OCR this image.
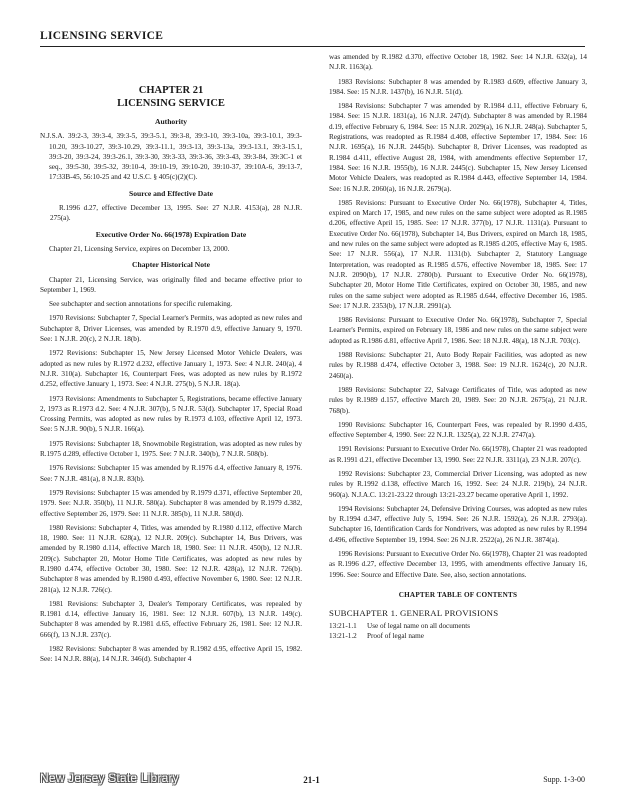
LICENSING SERVICE
CHAPTER 21
LICENSING SERVICE
Authority

N.J.S.A. 39:2-3, 39:3-4, 39:3-5, 39:3-5.1, 39:3-8, 39:3-10, 39:3-10a, 39:3-10.1, 39:3-10.20, 39:3-10.27, 39:3-10.29, 39:3-11.1, 39:3-13, 39:3-13a, 39:3-13.1, 39:3-15.1, 39:3-20, 39:3-24, 39:3-26.1, 39:3-30, 39:3-33, 39:3-36, 39:3-43, 39:3-84, 39:3C-1 et seq., 39:5-30, 39:5-32, 39:10-4, 39:10-19, 39:10-20, 39:10-37, 39:10A-6, 39:13-7, 17:33B-45, 56:10-25 and 42 U.S.C. § 405(c)(2)(C).

Source and Effective Date

R.1996 d.27, effective December 13, 1995. See: 27 N.J.R. 4153(a), 28 N.J.R. 275(a).

Executive Order No. 66(1978) Expiration Date

Chapter 21, Licensing Service, expires on December 13, 2000.

Chapter Historical Note

Chapter 21, Licensing Service, was originally filed and became effective prior to September 1, 1969.

See subchapter and section annotations for specific rulemaking.

1970 Revisions: Subchapter 7, Special Learner's Permits, was adopted as new rules and Subchapter 8, Driver Licenses, was amended by R.1970 d.9, effective January 9, 1970. See: 1 N.J.R. 20(c), 2 N.J.R. 18(b).

1972 Revisions: Subchapter 15, New Jersey Licensed Motor Vehicle Dealers, was adopted as new rules by R.1972 d.232, effective January 1, 1973. See: 4 N.J.R. 240(a), 4 N.J.R. 310(a). Subchapter 16, Counterpart Fees, was adopted as new rules by R.1972 d.252, effective January 1, 1973. See: 4 N.J.R. 275(b), 5 N.J.R. 18(a).

1973 Revisions: Amendments to Subchapter 5, Registrations, became effective January 2, 1973 as R.1973 d.2. See: 4 N.J.R. 307(b), 5 N.J.R. 53(d). Subchapter 17, Special Road Crossing Permits, was adopted as new rules by R.1973 d.103, effective April 12, 1973. See: 5 N.J.R. 90(b), 5 N.J.R. 166(a).

1975 Revisions: Subchapter 18, Snowmobile Registration, was adopted as new rules by R.1975 d.289, effective October 1, 1975. See: 7 N.J.R. 340(b), 7 N.J.R. 508(b).

1976 Revisions: Subchapter 15 was amended by R.1976 d.4, effective January 8, 1976. See: 7 N.J.R. 481(a), 8 N.J.R. 83(b).

1979 Revisions: Subchapter 15 was amended by R.1979 d.371, effective September 20, 1979. See: N.J.R. 350(b), 11 N.J.R. 580(a). Subchapter 8 was amended by R.1979 d.382, effective September 26, 1979. See: 11 N.J.R. 385(b), 11 N.J.R. 580(d).

1980 Revisions: Subchapter 4, Titles, was amended by R.1980 d.112, effective March 18, 1980. See: 11 N.J.R. 628(a), 12 N.J.R. 209(c). Subchapter 14, Bus Drivers, was amended by R.1980 d.114, effective March 18, 1980. See: 11 N.J.R. 450(b), 12 N.J.R. 209(c). Subchapter 20, Motor Home Title Certificates, was adopted as new rules by R.1980 d.474, effective October 30, 1980. See: 12 N.J.R. 428(a), 12 N.J.R. 726(b). Subchapter 8 was amended by R.1980 d.493, effective November 6, 1980. See: 12 N.J.R. 281(a), 12 N.J.R. 726(c).

1981 Revisions: Subchapter 3, Dealer's Temporary Certificates, was repealed by R.1981 d.14, effective January 16, 1981. See: 12 N.J.R. 607(b), 13 N.J.R. 149(c). Subchapter 8 was amended by R.1981 d.65, effective February 26, 1981. See: 12 N.J.R. 666(f), 13 N.J.R. 237(c).

1982 Revisions: Subchapter 8 was amended by R.1982 d.95, effective April 15, 1982. See: 14 N.J.R. 88(a), 14 N.J.R. 346(d). Subchapter 4

was amended by R.1982 d.370, effective October 18, 1982. See: 14 N.J.R. 632(a), 14 N.J.R. 1163(a).

1983 Revisions: Subchapter 8 was amended by R.1983 d.609, effective January 3, 1984. See: 15 N.J.R. 1437(b), 16 N.J.R. 51(d).

1984 Revisions: Subchapter 7 was amended by R.1984 d.11, effective February 6, 1984. See: 15 N.J.R. 1831(a), 16 N.J.R. 247(d). Subchapter 8 was amended by R.1984 d.19, effective February 6, 1984. See: 15 N.J.R. 2029(a), 16 N.J.R. 248(a). Subchapter 5, Registrations, was readopted as R.1984 d.408, effective September 17, 1984. See: 16 N.J.R. 1695(a), 16 N.J.R. 2445(b). Subchapter 8, Driver Licenses, was readopted as R.1984 d.411, effective August 28, 1984, with amendments effective September 17, 1984. See: 16 N.J.R. 1955(b), 16 N.J.R. 2445(c). Subchapter 15, New Jersey Licensed Motor Vehicle Dealers, was readopted as R.1984 d.443, effective September 14, 1984. See: 16 N.J.R. 2060(a), 16 N.J.R. 2679(a).

1985 Revisions: Pursuant to Executive Order No. 66(1978), Subchapter 4, Titles, expired on March 17, 1985, and new rules on the same subject were adopted as R.1985 d.206, effective April 15, 1985. See: 17 N.J.R. 377(b), 17 N.J.R. 1131(a). Pursuant to Executive Order No. 66(1978), Subchapter 14, Bus Drivers, expired on March 18, 1985, and new rules on the same subject were adopted as R.1985 d.205, effective May 6, 1985. See: 17 N.J.R. 556(a), 17 N.J.R. 1131(b). Subchapter 2, Statutory Language Interpretation, was readopted as R.1985 d.576, effective November 18, 1985. See: 17 N.J.R. 2090(b), 17 N.J.R. 2780(b). Pursuant to Executive Order No. 66(1978), Subchapter 20, Motor Home Title Certificates, expired on October 30, 1985, and new rules on the same subject were adopted as R.1985 d.644, effective December 16, 1985. See: 17 N.J.R. 2353(b), 17 N.J.R. 2991(a).

1986 Revisions: Pursuant to Executive Order No. 66(1978), Subchapter 7, Special Learner's Permits, expired on February 18, 1986 and new rules on the same subject were adopted as R.1986 d.81, effective April 7, 1986. See: 18 N.J.R. 48(a), 18 N.J.R. 703(c).

1988 Revisions: Subchapter 21, Auto Body Repair Facilities, was adopted as new rules by R.1988 d.474, effective October 3, 1988. See: 19 N.J.R. 1624(c), 20 N.J.R. 2460(a).

1989 Revisions: Subchapter 22, Salvage Certificates of Title, was adopted as new rules by R.1989 d.157, effective March 20, 1989. See: 20 N.J.R. 2675(a), 21 N.J.R. 768(b).

1990 Revisions: Subchapter 16, Counterpart Fees, was repealed by R.1990 d.435, effective September 4, 1990. See: 22 N.J.R. 1325(a), 22 N.J.R. 2747(a).

1991 Revisions: Pursuant to Executive Order No. 66(1978), Chapter 21 was readopted as R.1991 d.21, effective December 13, 1990. See: 22 N.J.R. 3311(a), 23 N.J.R. 207(c).

1992 Revisions: Subchapter 23, Commercial Driver Licensing, was adopted as new rules by R.1992 d.138, effective March 16, 1992. See: 24 N.J.R. 219(b), 24 N.J.R. 960(a). N.J.A.C. 13:21-23.22 through 13:21-23.27 became operative April 1, 1992.

1994 Revisions: Subchapter 24, Defensive Driving Courses, was adopted as new rules by R.1994 d.347, effective July 5, 1994. See: 26 N.J.R. 1592(a), 26 N.J.R. 2793(a). Subchapter 16, Identification Cards for Nondrivers, was adopted as new rules by R.1994 d.496, effective September 19, 1994. See: 26 N.J.R. 2522(a), 26 N.J.R. 3874(a).

1996 Revisions: Pursuant to Executive Order No. 66(1978), Chapter 21 was readopted as R.1996 d.27, effective December 13, 1995, with amendments effective January 16, 1996. See: Source and Effective Date. See, also, section annotations.

CHAPTER TABLE OF CONTENTS
SUBCHAPTER 1. GENERAL PROVISIONS
13:21-1.1	Use of legal name on all documents
13:21-1.2	Proof of legal name
New Jersey State Library	21-1	Supp. 1-3-00
